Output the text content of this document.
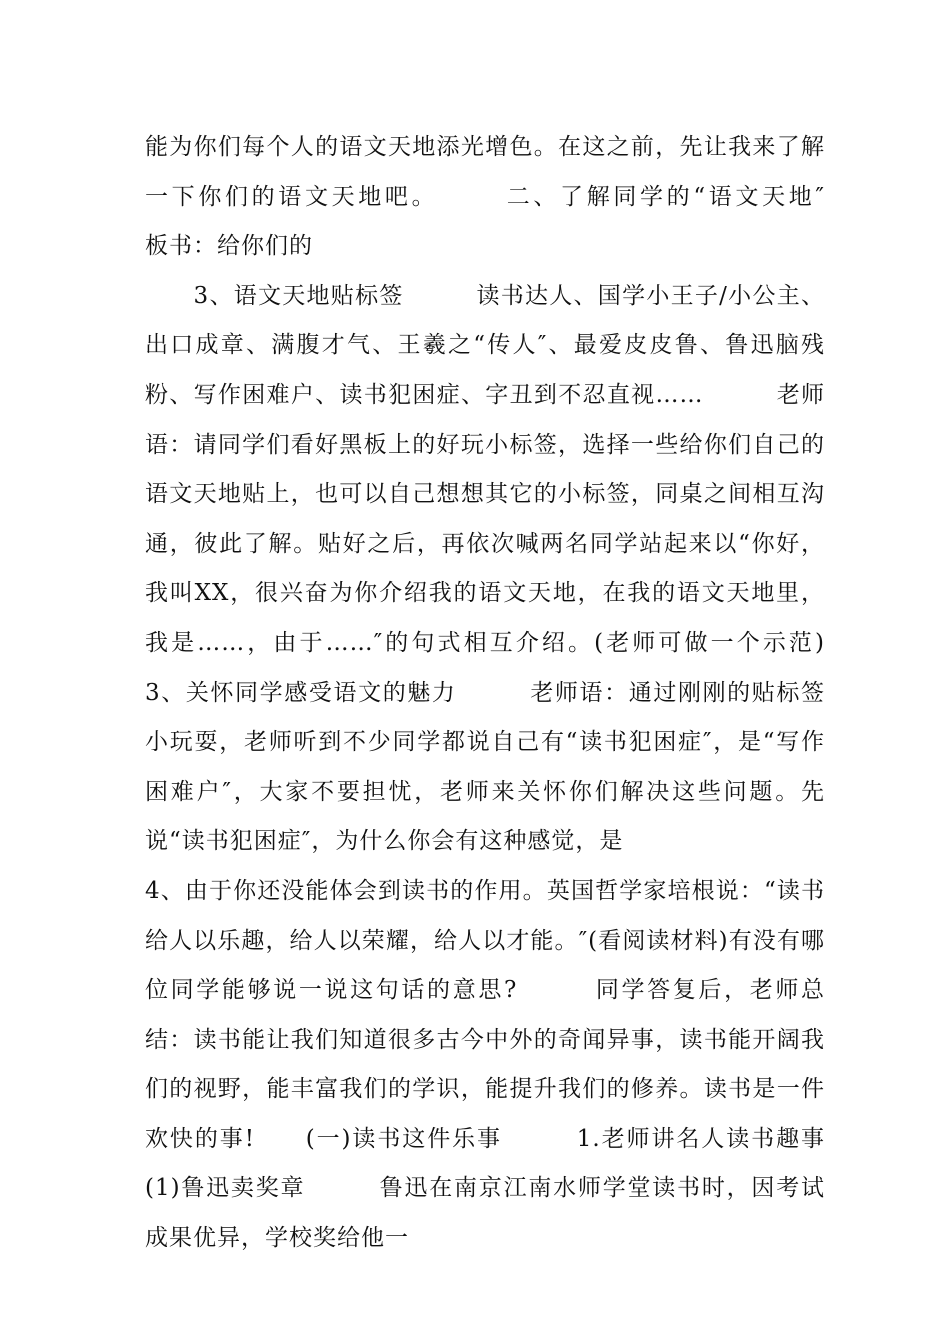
能为你们每个人的语文天地添光增色。在这之前，先让我来了解一下你们的语文天地吧。　　　二、了解同学的“语文天地″　　　板书：给你们的

　　3、语文天地贴标签　　　读书达人、国学小王子/小公主、出口成章、满腹才气、王羲之“传人″、最爱皮皮鲁、鲁迅脑残粉、写作困难户、读书犯困症、字丑到不忍直视……　　　老师语：请同学们看好黑板上的好玩小标签，选择一些给你们自己的语文天地贴上，也可以自己想想其它的小标签，同桌之间相互沟通，彼此了解。贴好之后，再依次喊两名同学站起来以“你好，我叫XX，很兴奋为你介绍我的语文天地，在我的语文天地里，我是……，由于……″的句式相互介绍。(老师可做一个示范)　　　3、关怀同学感受语文的魅力　　　老师语：通过刚刚的贴标签小玩耍，老师听到不少同学都说自己有“读书犯困症″，是“写作困难户″，大家不要担忧，老师来关怀你们解决这些问题。先说“读书犯困症″，为什么你会有这种感觉，是

4、由于你还没能体会到读书的作用。英国哲学家培根说：“读书给人以乐趣，给人以荣耀，给人以才能。″(看阅读材料)有没有哪位同学能够说一说这句话的意思?　　　同学答复后，老师总结：读书能让我们知道很多古今中外的奇闻异事，读书能开阔我们的视野，能丰富我们的学识，能提升我们的修养。读书是一件欢快的事!　　(一)读书这件乐事　　　1.老师讲名人读书趣事　　　(1)鲁迅卖奖章　　　鲁迅在南京江南水师学堂读书时，因考试成果优异，学校奖给他一
